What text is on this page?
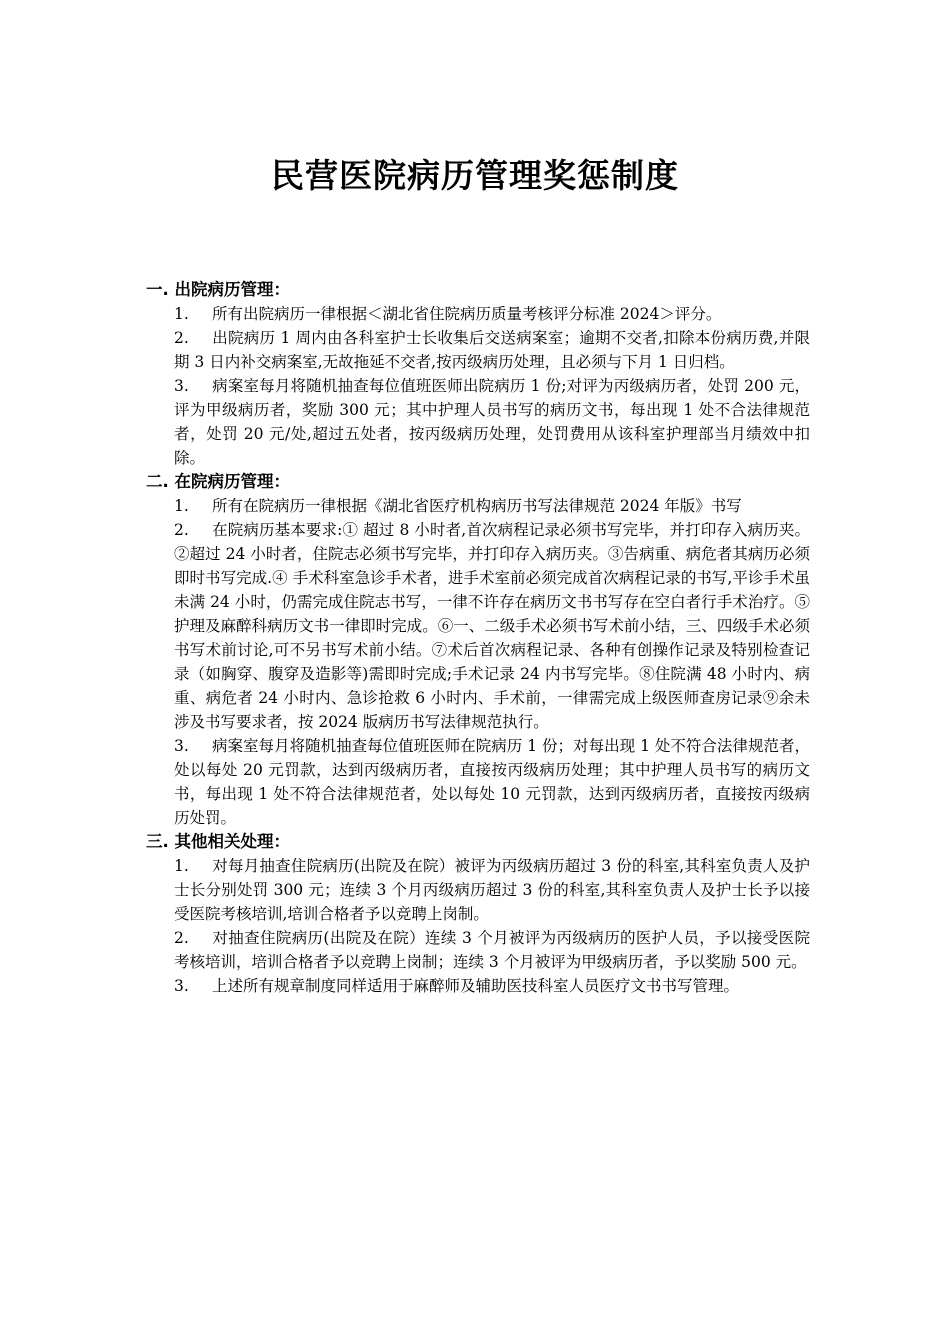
民营医院病历管理奖惩制度

一. 出院病历管理：

1. 所有出院病历一律根据＜湖北省住院病历质量考核评分标准 2024＞评分。

2. 出院病历 1 周内由各科室护士长收集后交送病案室；逾期不交者,扣除本份病历费,并限期 3 日内补交病案室,无故拖延不交者,按丙级病历处理，且必须与下月 1 日归档。

3. 病案室每月将随机抽查每位值班医师出院病历 1 份;对评为丙级病历者，处罚 200 元，评为甲级病历者，奖励 300 元；其中护理人员书写的病历文书，每出现 1 处不合法律规范者，处罚 20 元/处,超过五处者，按丙级病历处理，处罚费用从该科室护理部当月绩效中扣除。

二. 在院病历管理：

1. 所有在院病历一律根据《湖北省医疗机构病历书写法律规范 2024 年版》书写

2. 在院病历基本要求:① 超过 8 小时者,首次病程记录必须书写完毕，并打印存入病历夹。②超过 24 小时者，住院志必须书写完毕，并打印存入病历夹。③告病重、病危者其病历必须即时书写完成.④ 手术科室急诊手术者，进手术室前必须完成首次病程记录的书写,平诊手术虽未满 24 小时，仍需完成住院志书写，一律不许存在病历文书书写存在空白者行手术治疗。⑤护理及麻醉科病历文书一律即时完成。⑥一、二级手术必须书写术前小结，三、四级手术必须书写术前讨论,可不另书写术前小结。⑦术后首次病程记录、各种有创操作记录及特别检查记录（如胸穿、腹穿及造影等)需即时完成;手术记录 24 内书写完毕。⑧住院满 48 小时内、病重、病危者 24 小时内、急诊抢救 6 小时内、手术前，一律需完成上级医师查房记录⑨余未涉及书写要求者，按 2024 版病历书写法律规范执行。

3. 病案室每月将随机抽查每位值班医师在院病历 1 份；对每出现 1 处不符合法律规范者，处以每处 20 元罚款，达到丙级病历者，直接按丙级病历处理；其中护理人员书写的病历文书，每出现 1 处不符合法律规范者，处以每处 10 元罚款，达到丙级病历者，直接按丙级病历处罚。

三. 其他相关处理：

1. 对每月抽查住院病历(出院及在院）被评为丙级病历超过 3 份的科室,其科室负责人及护士长分别处罚 300 元；连续 3 个月丙级病历超过 3 份的科室,其科室负责人及护士长予以接受医院考核培训,培训合格者予以竞聘上岗制。

2. 对抽查住院病历(出院及在院）连续 3 个月被评为丙级病历的医护人员，予以接受医院考核培训，培训合格者予以竞聘上岗制；连续 3 个月被评为甲级病历者，予以奖励 500 元。

3. 上述所有规章制度同样适用于麻醉师及辅助医技科室人员医疗文书书写管理。
